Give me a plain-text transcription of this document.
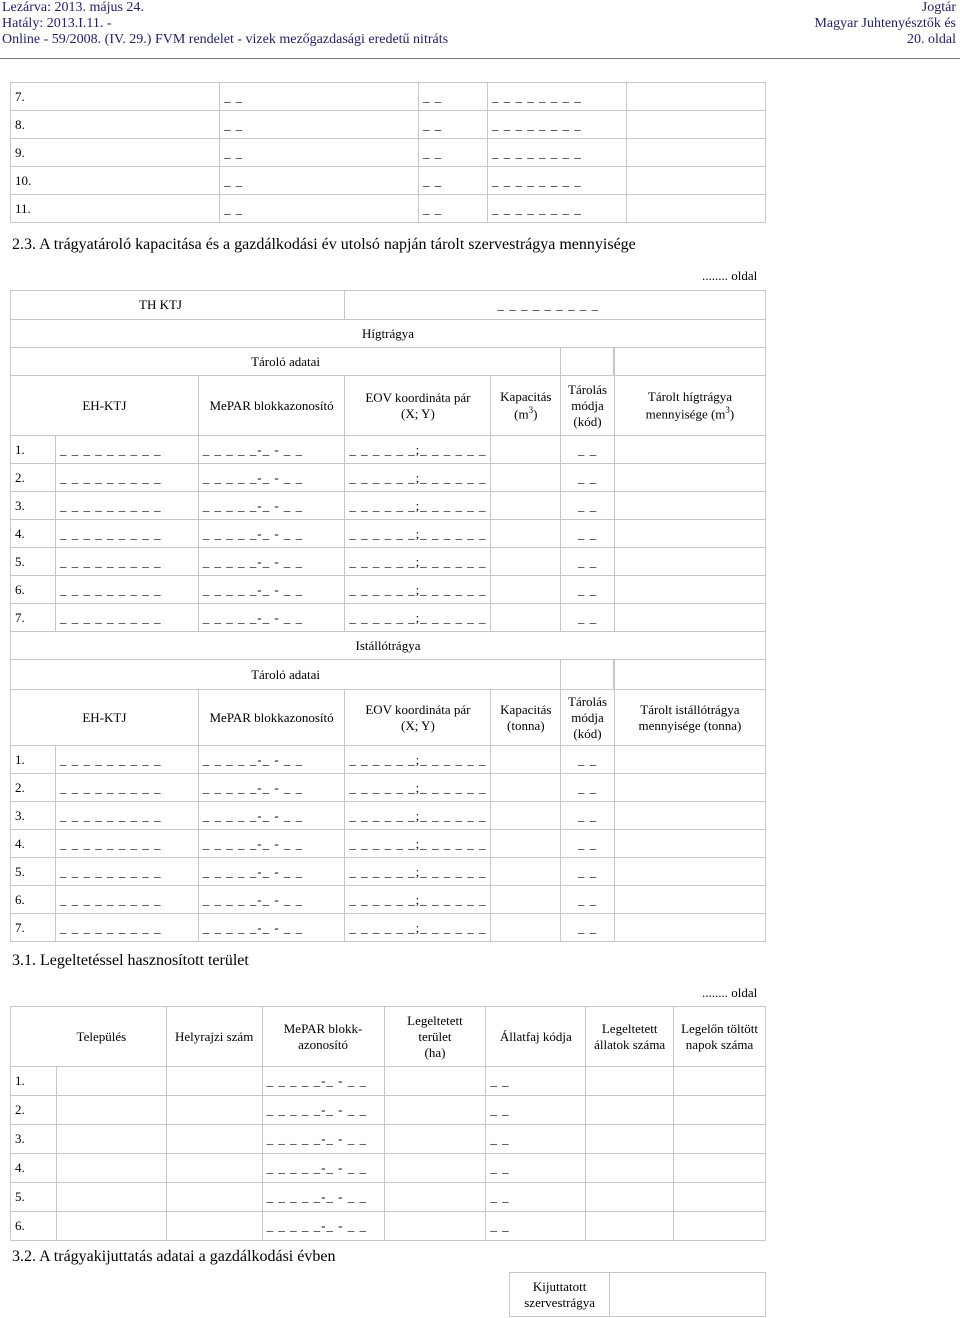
Lezárva: 2013. május 24.
Hatály: 2013.I.11. -
Online - 59/2008. (IV. 29.) FVM rendelet - vizek mezőgazdasági eredetű nitráts
Jogtár
Magyar Juhtenyésztők és
20. oldal
7.	_ _	_ _	_ _ _ _ _ _ _ _	
8.	_ _	_ _	_ _ _ _ _ _ _ _	
9.	_ _	_ _	_ _ _ _ _ _ _ _	
10.	_ _	_ _	_ _ _ _ _ _ _ _	
11.	_ _	_ _	_ _ _ _ _ _ _ _	
2.3. A trágyatároló kapacitása és a gazdálkodási év utolsó napján tárolt szervestrágya mennyisége
........ oldal
TH KTJ			_ _ _ _ _ _ _ _ _			
Hígtrágya						
Tároló adatai						
EH-KTJ		MePAR blokkazonosító	EOV koordináta pár
(X; Y)	Kapacitás
$(m^3)$	Tárolás
módja
(kód)	Tárolt hígtrágya
mennyisége $(m^3)$
1.	_ _ _ _ _ _ _ _ _	_ _ _ _ _-_ - _ _	_ _ _ _ _ _;_ _ _ _ _ _		_ _	
2.	_ _ _ _ _ _ _ _ _	_ _ _ _ _-_ - _ _	_ _ _ _ _ _;_ _ _ _ _ _		_ _	
3.	_ _ _ _ _ _ _ _ _	_ _ _ _ _-_ - _ _	_ _ _ _ _ _;_ _ _ _ _ _		_ _	
4.	_ _ _ _ _ _ _ _ _	_ _ _ _ _-_ - _ _	_ _ _ _ _ _;_ _ _ _ _ _		_ _	
5.	_ _ _ _ _ _ _ _ _	_ _ _ _ _-_ - _ _	_ _ _ _ _ _;_ _ _ _ _ _		_ _	
6.	_ _ _ _ _ _ _ _ _	_ _ _ _ _-_ - _ _	_ _ _ _ _ _;_ _ _ _ _ _		_ _	
7.	_ _ _ _ _ _ _ _ _	_ _ _ _ _-_ - _ _	_ _ _ _ _ _;_ _ _ _ _ _		_ _	
Istállótrágya						
Tároló adatai						
EH-KTJ		MePAR blokkazonosító	EOV koordináta pár
(X; Y)	Kapacitás
(tonna)	Tárolás
módja
(kód)	Tárolt istállótrágya
mennyisége (tonna)
1.	_ _ _ _ _ _ _ _ _	_ _ _ _ _-_ - _ _	_ _ _ _ _ _;_ _ _ _ _ _		_ _	
2.	_ _ _ _ _ _ _ _ _	_ _ _ _ _-_ - _ _	_ _ _ _ _ _;_ _ _ _ _ _		_ _	
3.	_ _ _ _ _ _ _ _ _	_ _ _ _ _-_ - _ _	_ _ _ _ _ _;_ _ _ _ _ _		_ _	
4.	_ _ _ _ _ _ _ _ _	_ _ _ _ _-_ - _ _	_ _ _ _ _ _;_ _ _ _ _ _		_ _	
5.	_ _ _ _ _ _ _ _ _	_ _ _ _ _-_ - _ _	_ _ _ _ _ _;_ _ _ _ _ _		_ _	
6.	_ _ _ _ _ _ _ _ _	_ _ _ _ _-_ - _ _	_ _ _ _ _ _;_ _ _ _ _ _		_ _	
7.	_ _ _ _ _ _ _ _ _	_ _ _ _ _-_ - _ _	_ _ _ _ _ _;_ _ _ _ _ _		_ _	
3.1. Legeltetéssel hasznosított terület
........ oldal
Település		Helyrajzi szám	MePAR blokk-
azonosító	Legeltetett
terület
(ha)	Állatfaj kódja	Legeltetett
állatok száma	Legelőn töltött
napok száma
1.			_ _ _ _ _-_ - _ _		_ _		
2.			_ _ _ _ _-_ - _ _		_ _		
3.			_ _ _ _ _-_ - _ _		_ _		
4.			_ _ _ _ _-_ - _ _		_ _		
5.			_ _ _ _ _-_ - _ _		_ _		
6.			_ _ _ _ _-_ - _ _		_ _		
3.2. A trágyakijuttatás adatai a gazdálkodási évben
	Kijuttatott
szervestrágya	
